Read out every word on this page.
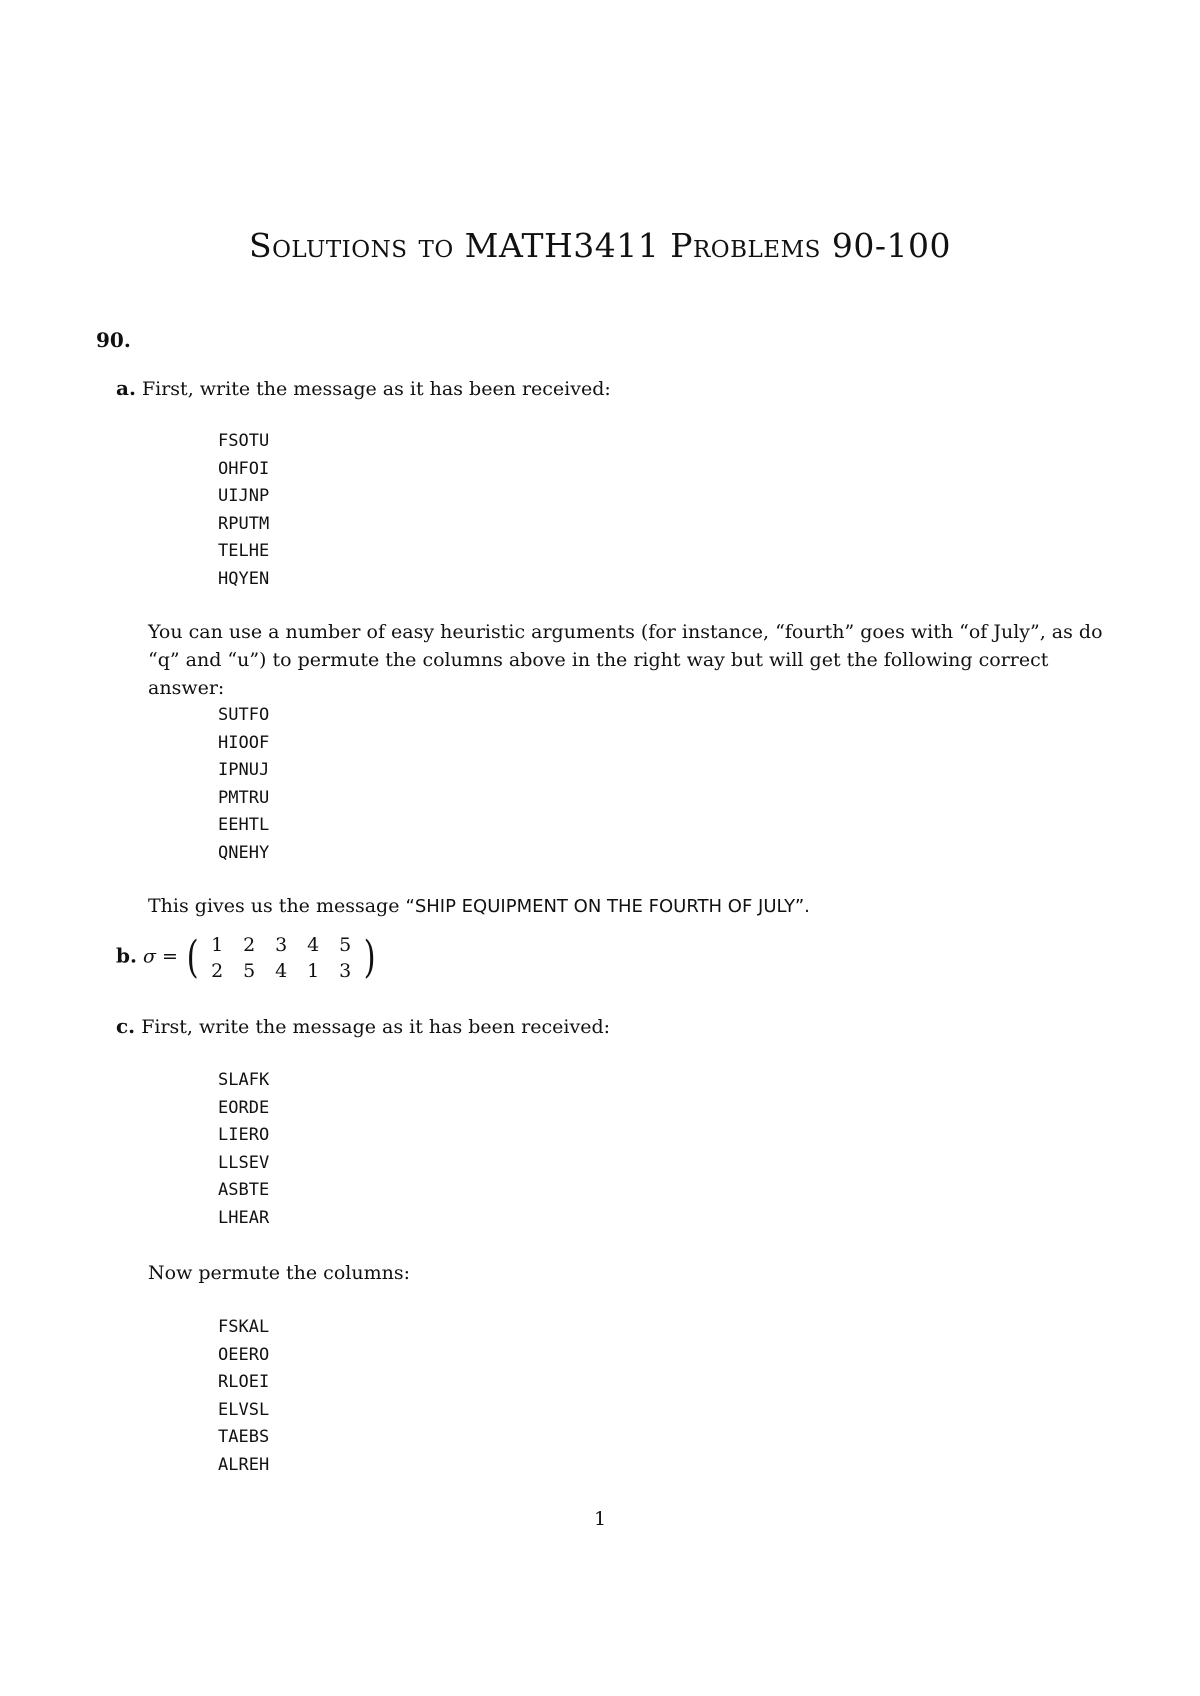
Solutions to MATH3411 Problems 90-100
90.
a. First, write the message as it has been received:
FSOTU
OHFOI
UIJNP
RPUTM
TELHE
HQYEN
You can use a number of easy heuristic arguments (for instance, “fourth” goes with “of July”, as do “q” and “u”) to permute the columns above in the right way but will get the following correct answer:
SUTFO
HIOOF
IPNUJ
PMTRU
EEHTL
QNEHY
This gives us the message “SHIP EQUIPMENT ON THE FOURTH OF JULY”.
b. σ = ( 1	2	3	4	5
2	5	4	1	3 )
c. First, write the message as it has been received:
SLAFK
EORDE
LIERO
LLSEV
ASBTE
LHEAR
Now permute the columns:
FSKAL
OEERO
RLOEI
ELVSL
TAEBS
ALREH
1
